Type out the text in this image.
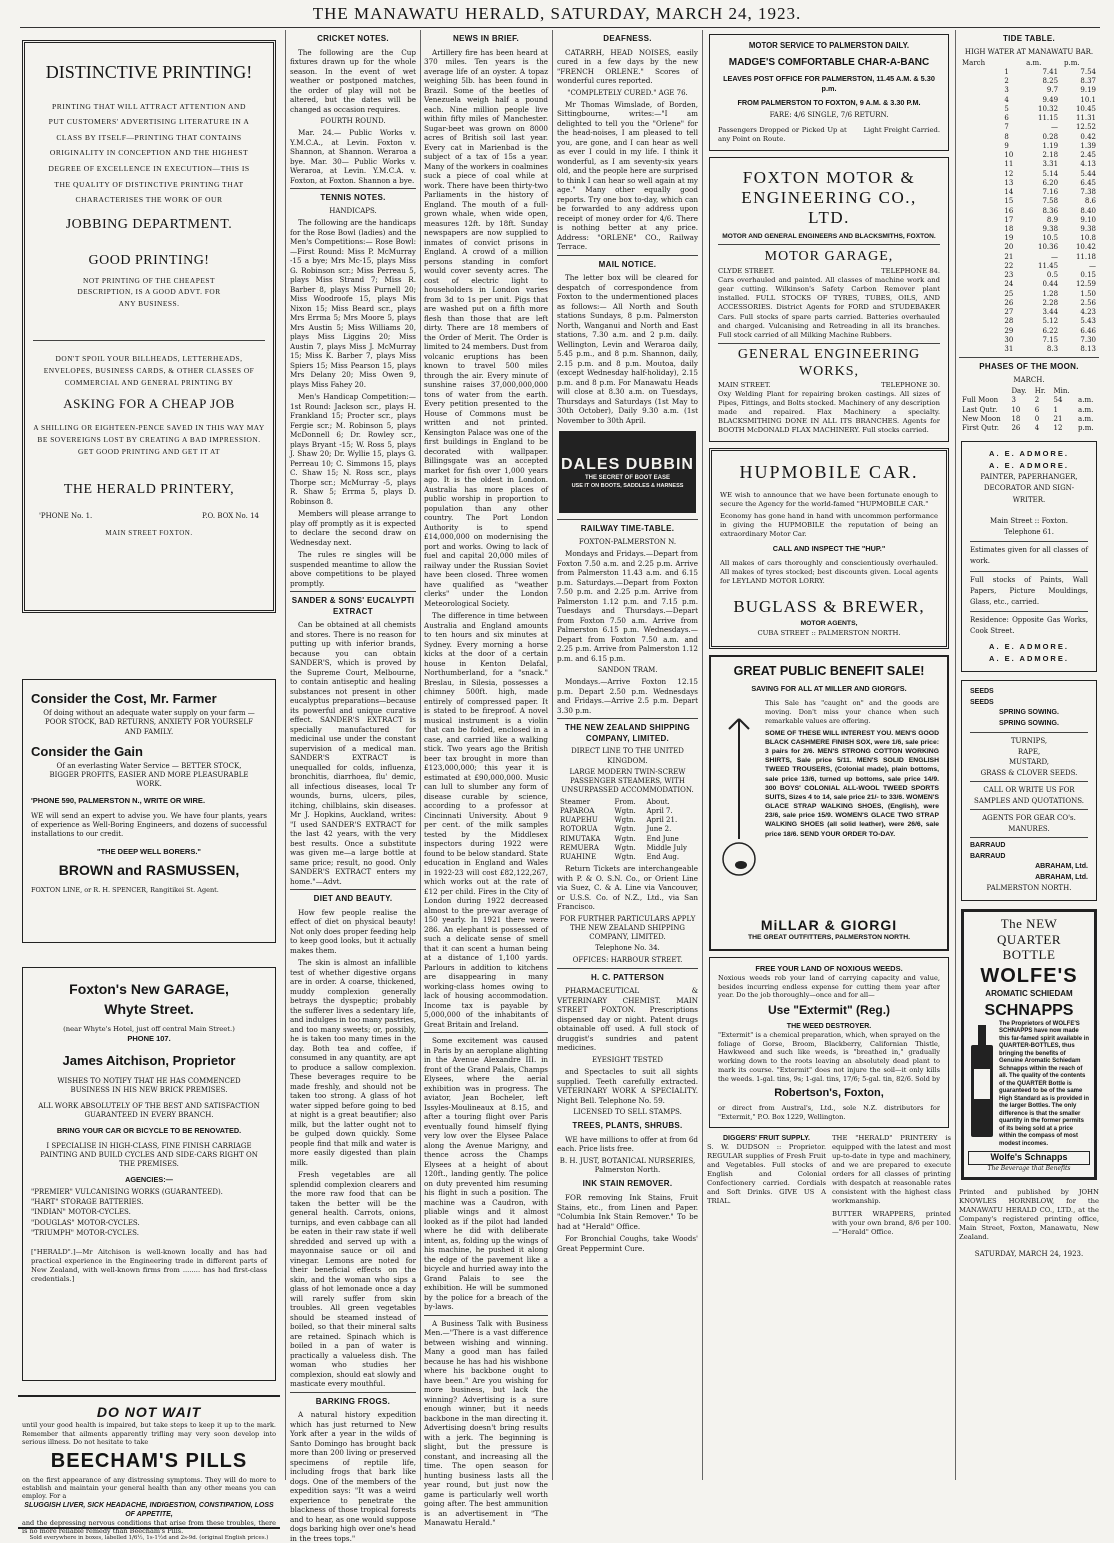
THE MANAWATU HERALD, SATURDAY, MARCH 24, 1923.
DISTINCTIVE PRINTING!
PRINTING THAT WILL ATTRACT ATTENTION AND PUT CUSTOMERS' ADVERTISING LITERATURE IN A CLASS BY ITSELF—PRINTING THAT CONTAINS ORIGINALITY IN CONCEPTION AND THE HIGHEST DEGREE OF EXCELLENCE IN EXECUTION—THIS IS THE QUALITY OF DISTINCTIVE PRINTING THAT CHARACTERISES THE WORK OF OUR
JOBBING DEPARTMENT.
GOOD PRINTING!
NOT PRINTING OF THE CHEAPEST DESCRIPTION, IS A GOOD ADVT. FOR ANY BUSINESS.
DON'T SPOIL YOUR BILLHEADS, LETTERHEADS, ENVELOPES, BUSINESS CARDS, & OTHER CLASSES OF COMMERCIAL AND GENERAL PRINTING BY
ASKING FOR A CHEAP JOB
A SHILLING OR EIGHTEEN-PENCE SAVED IN THIS WAY MAY BE SOVEREIGNS LOST BY CREATING A BAD IMPRESSION. GET GOOD PRINTING AND GET IT AT
THE HERALD PRINTERY,
'PHONE No. 1.	P.O. BOX No. 14
MAIN STREET FOXTON.
Consider the Cost, Mr. Farmer
Of doing without an adequate water supply on your farm — POOR STOCK, BAD RETURNS, ANXIETY FOR YOURSELF AND FAMILY.
Consider the Gain
Of an everlasting Water Service — BETTER STOCK, BIGGER PROFITS, EASIER AND MORE PLEASURABLE WORK.
'PHONE 590, PALMERSTON N., WRITE OR WIRE.
WE will send an expert to advise you. We have four plants, years of experience as Well-Boring Engineers, and dozens of successful installations to our credit.
"THE DEEP WELL BORERS."
BROWN and RASMUSSEN,
FOXTON LINE, or R. H. SPENCER, Rangitikei St. Agent.
Foxton's New GARAGE, Whyte Street.
(near Whyte's Hotel, just off central Main Street.)
PHONE 107.
James Aitchison, Proprietor
WISHES TO NOTIFY THAT HE HAS COMMENCED BUSINESS IN HIS NEW BRICK PREMISES.
ALL WORK ABSOLUTELY OF THE BEST AND SATISFACTION GUARANTEED IN EVERY BRANCH.
BRING YOUR CAR OR BICYCLE TO BE RENOVATED.
I SPECIALISE IN HIGH-CLASS, FINE FINISH CARRIAGE PAINTING AND BUILD CYCLES AND SIDE-CARS RIGHT ON THE PREMISES.
AGENCIES:—
"PREMIER" VULCANISING WORKS (GUARANTEED).
"HART" STORAGE BATTERIES.
"INDIAN" MOTOR-CYCLES.
"DOUGLAS" MOTOR-CYCLES.
"TRIUMPH" MOTOR-CYCLES.
["HERALD".]—Mr Aitchison is well-known locally and has had practical experience in the Engineering trade in different parts of New Zealand, with well-known firms from ........ has had first-class credentials.]
DO NOT WAIT
until your good health is impaired, but take steps to keep it up to the mark. Remember that ailments apparently trifling may very soon develop into serious illness. Do not hesitate to take
BEECHAM'S PILLS
on the first appearance of any distressing symptoms. They will do more to establish and maintain your general health than any other means you can employ. For a
SLUGGISH LIVER, SICK HEADACHE, INDIGESTION, CONSTIPATION, LOSS OF APPETITE,
and the depressing nervous conditions that arise from these troubles, there is no more reliable remedy than Beecham's Pills.
Sold everywhere in boxes, labelled 1/6½, 1s-1½d and 2s-9d. (original English prices.)
CRICKET NOTES.

The following are the Cup fixtures drawn up for the whole season. In the event of wet weather or postponed matches, the order of play will not be altered, but the dates will be changed as occasion requires.

FOURTH ROUND.

Mar. 24.— Public Works v. Y.M.C.A., at Levin. Foxton v. Shannon, at Shannon. Weraroa a bye. Mar. 30— Public Works v. Weraroa, at Levin. Y.M.C.A. v. Foxton, at Foxton. Shannon a bye.

TENNIS NOTES.
HANDICAPS.

The following are the handicaps for the Rose Bowl (ladies) and the Men's Competitions:— Rose Bowl:—First Round: Miss P. McMurray -15 a bye; Mrs Mc-15, plays Miss G. Robinson scr.; Miss Perreau 5, plays Miss Strand 7; Miss R. Barber 8, plays Miss Purnell 20; Miss Woodroofe 15, plays Mis Nixon 15; Miss Beard scr., plays Mrs Errma 5; Mrs Moore 5, plays Mrs Austin 5; Miss Williams 20, plays Miss Liggins 20; Miss Austin 7, plays Miss J. McMurray 15; Miss K. Barber 7, plays Miss Spiers 15; Miss Pearson 15, plays Mrs Delany 20; Miss Owen 9, plays Miss Fahey 20.

Men's Handicap Competition:—1st Round: Jackson scr., plays H. Frankland 15; Procter scr., plays Fergie scr.; M. Robinson 5, plays McDonnell 6; Dr. Rowley scr., plays Bryant -15; W. Ross 5, plays J. Shaw 20; Dr. Wyllie 15, plays G. Perreau 10; C. Simmons 15, plays C. Shaw 15; N. Ross scr., plays Thorpe scr.; McMurray -5, plays R. Shaw 5; Errma 5, plays D. Robinson 8.

Members will please arrange to play off promptly as it is expected to declare the second draw on Wednesday next.

The rules re singles will be suspended meantime to allow the above competitions to be played promptly.

SANDER & SONS' EUCALYPTI EXTRACT

Can be obtained at all chemists and stores. There is no reason for putting up with inferior brands, because you can obtain SANDER'S, which is proved by the Supreme Court, Melbourne, to contain antiseptic and healing substances not present in other eucalyptus preparations—because its powerful and unique curative effect. SANDER'S EXTRACT is specially manufactured for medicinal use under the constant supervision of a medical man. SANDER'S EXTRACT is unequalled for colds, influenza, bronchitis, diarrhoea, flu' demic, all infectious diseases, local Tr wounds, burns, ulcers, piles, itching, chilblains, skin diseases. Mr J. Hopkins, Auckland, writes: "I used SANDER'S EXTRACT for the last 42 years, with the very best results. Once a substitute was given me—a large bottle at same price; result, no good. Only SANDER'S EXTRACT enters my home."—Advt.

DIET AND BEAUTY.

How few people realise the effect of diet on physical beauty! Not only does proper feeding help to keep good looks, but it actually makes them.

The skin is almost an infallible test of whether digestive organs are in order. A coarse, thickened, muddy complexion generally betrays the dyspeptic; probably the sufferer lives a sedentary life, and indulges in too many pastries, and too many sweets; or, possibly, he is taken too many times in the day. Both tea and coffee, if consumed in any quantity, are apt to produce a sallow complexion. These beverages require to be made freshly, and should not be taken too strong. A glass of hot water sipped before going to bed at night is a great beautifier; also milk, but the latter ought not to be gulped down quickly. Some people find that milk and water is more easily digested than plain milk.

Fresh vegetables are all splendid complexion clearers and the more raw food that can be taken the better will be the general health. Carrots, onions, turnips, and even cabbage can all be eaten in their raw state if well shredded and served up with a mayonnaise sauce or oil and vinegar. Lemons are noted for their beneficial effects on the skin, and the woman who sips a glass of hot lemonade once a day will rarely suffer from skin troubles. All green vegetables should be steamed instead of boiled, so that their mineral salts are retained. Spinach which is boiled in a pan of water is practically a valueless dish. The woman who studies her complexion, should eat slowly and masticate every mouthful.

BARKING FROGS.

A natural history expedition which has just returned to New York after a year in the wilds of Santo Domingo has brought back more than 200 living or preserved specimens of reptile life, including frogs that bark like dogs. One of the members of the expedition says: "It was a weird experience to penetrate the blackness of those tropical forests and to hear, as one would suppose dogs barking high over one's head in the trees tops."

NEWS IN BRIEF.

Artillery fire has been heard at 370 miles. Ten years is the average life of an oyster. A topaz weighing 5lb. has been found in Brazil. Some of the beetles of Venezuela weigh half a pound each. Nine million people live within fifty miles of Manchester. Sugar-beet was grown on 8000 acres of British soil last year. Every cat in Marienbad is the subject of a tax of 15s a year. Many of the workers in coalmines suck a piece of coal while at work. There have been thirty-two Parliaments in the history of England. The mouth of a full-grown whale, when wide open, measures 12ft. by 18ft. Sunday newspapers are now supplied to inmates of convict prisons in England. A crowd of a million persons standing in comfort would cover seventy acres. The cost of electric light to householders in London varies from 3d to 1s per unit. Pigs that are washed put on a fifth more flesh than those that are left dirty. There are 18 members of the Order of Merit. The Order is limited to 24 members. Dust from volcanic eruptions has been known to travel 500 miles through the air. Every minute of sunshine raises 37,000,000,000 tons of water from the earth. Every petition presented to the House of Commons must be written and not printed. Kensington Palace was one of the first buildings in England to be decorated with wallpaper. Billingsgate was an accepted market for fish over 1,000 years ago. It is the oldest in London. Australia has more places of public worship in proportion to population than any other country. The Port London Authority is to spend £14,000,000 on modernising the port and works. Owing to lack of fuel and capital 20,000 miles of railway under the Russian Soviet have been closed. Three women have qualified as "weather clerks" under the London Meteorological Society.

The difference in time between Australia and England amounts to ten hours and six minutes at Sydney. Every morning a horse kicks at the door of a certain house in Kenton Delafal, Northumberland, for a "snack." Breslau, in Silesia, possesses a chimney 500ft. high, made entirely of compressed paper. It is stated to be fireproof. A novel musical instrument is a violin that can be folded, enclosed in a case, and carried like a walking stick. Two years ago the British beer tax brought in more than £123,000,000; this year it is estimated at £90,000,000. Music can lull to slumber any form of disease curable by science, according to a professor at Cincinnati University. About 9 per cent. of the milk samples tested by the Middlesex inspectors during 1922 were found to be below standard. State education in England and Wales in 1922-23 will cost £82,122,267, which works out at the rate of £12 per child. Fires in the City of London during 1922 decreased almost to the pre-war average of 150 yearly. In 1921 there were 286. An elephant is possessed of such a delicate sense of smell that it can scent a human being at a distance of 1,100 yards. Parlours in addition to kitchens are disappearing in many working-class homes owing to lack of housing accommodation. Income tax is payable by 5,000,000 of the inhabitants of Great Britain and Ireland.

Some excitement was caused in Paris by an aeroplane alighting in the Avenue Alexandre III. in front of the Grand Palais, Champs Elysees, where the aerial exhibition was in progress. The aviator, Jean Bocheler, left Issyles-Moulineaux at 8.15, and after a touring flight over Paris eventually found himself flying very low over the Elysee Palace along the Avenue Marigny, and thence across the Champs Elysees at a height of about 120ft., landing gently. The police on duty prevented him resuming his flight in such a position. The machine was a Caudron, with pliable wings and it almost looked as if the pilot had landed where he did with deliberate intent, as, folding up the wings of his machine, he pushed it along the edge of the pavement like a bicycle and hurried away into the Grand Palais to see the exhibition. He will be summoned by the police for a breach of the by-laws.

A Business Talk with Business Men.—"There is a vast difference between wishing and winning. Many a good man has failed because he has had his wishbone where his backbone ought to have been." Are you wishing for more business, but lack the winning? Advertising is a sure enough winner, but it needs backbone in the man directing it. Advertising doesn't bring results with a jerk. The beginning is slight, but the pressure is constant, and increasing all the time. The open season for hunting business lasts all the year round, but just now the game is particularly well worth going after. The best ammunition is an advertisement in "The Manawatu Herald."

DEAFNESS.

CATARRH, HEAD NOISES, easily cured in a few days by the new "FRENCH ORLENE." Scores of wonderful cures reported.

"COMPLETELY CURED." AGE 76.

Mr Thomas Wimslade, of Borden, Sittingbourne, writes:—"I am delighted to tell you the "Orlene" for the head-noises, I am pleased to tell you, are gone, and I can hear as well as ever I could in my life. I think it wonderful, as I am seventy-six years old, and the people here are surprised to think I can hear so well again at my age." Many other equally good reports. Try one box to-day, which can be forwarded to any address upon receipt of money order for 4/6. There is nothing better at any price. Address: "ORLENE" CO., Railway Terrace.

MAIL NOTICE.

The letter box will be cleared for despatch of correspondence from Foxton to the undermentioned places as follows:— All North and South stations Sundays, 8 p.m. Palmerston North, Wanganui and North and East stations, 7.30 a.m. and 2 p.m. daily. Wellington, Levin and Weraroa daily, 5.45 p.m., and 8 p.m. Shannon, daily, 2.15 p.m. and 8 p.m. Moutoa, daily (except Wednesday half-holiday), 2.15 p.m. and 8 p.m. For Manawatu Heads will close at 8.30 a.m. on Tuesdays, Thursdays and Saturdays (1st May to 30th October), Daily 9.30 a.m. (1st November to 30th April.

DALES DUBBIN
THE SECRET OF BOOT EASE
USE IT ON BOOTS, SADDLES & HARNESS
RAILWAY TIME-TABLE.
FOXTON-PALMERSTON N.

Mondays and Fridays.—Depart from Foxton 7.50 a.m. and 2.25 p.m. Arrive from Palmerston 11.43 a.m. and 6.15 p.m. Saturdays.—Depart from Foxton 7.50 p.m. and 2.25 p.m. Arrive from Palmerston 1.12 p.m. and 7.15 p.m. Tuesdays and Thursdays.—Depart from Foxton 7.50 a.m. Arrive from Palmerston 6.15 p.m. Wednesdays.—Depart from Foxton 7.50 a.m. and 2.25 p.m. Arrive from Palmerston 1.12 p.m. and 6.15 p.m.

SANDON TRAM.

Mondays.—Arrive Foxton 12.15 p.m. Depart 2.50 p.m. Wednesdays and Fridays.—Arrive 2.5 p.m. Depart 3.30 p.m.

THE NEW ZEALAND SHIPPING COMPANY, LIMITED.
DIRECT LINE TO THE UNITED KINGDOM.
LARGE MODERN TWIN-SCREW PASSENGER STEAMERS, WITH UNSURPASSED ACCOMMODATION.
Steamer	From.	About.
PAPAROA	Wgtn.	April 7.
RUAPEHU	Wgtn.	April 21.
ROTORUA	Wgtn.	June 2.
RIMUTAKA	Wgtn.	End June
REMUERA	Wgtn.	Middle July
RUAHINE	Wgtn.	End Aug.

Return Tickets are interchangeable with P. & O. S.N. Co., or Orient Line via Suez, C. & A. Line via Vancouver, or U.S.S. Co. of N.Z., Ltd., via San Francisco.

FOR FURTHER PARTICULARS APPLY THE NEW ZEALAND SHIPPING COMPANY, LIMITED.
Telephone No. 34.
OFFICES: HARBOUR STREET.
H. C. PATTERSON

PHARMACEUTICAL & VETERINARY CHEMIST. MAIN STREET FOXTON. Prescriptions dispensed day or night. Patent drugs obtainable off used. A full stock of druggist's sundries and patent medicines.

EYESIGHT TESTED

and Spectacles to suit all sights supplied. Teeth carefully extracted. VETERINARY WORK A SPECIALITY. Night Bell. Telephone No. 59.

LICENSED TO SELL STAMPS.
TREES, PLANTS, SHRUBS.

WE have millions to offer at from 6d each. Price lists free.

B. H. JUST, BOTANICAL NURSERIES, Palmerston North.
INK STAIN REMOVER.

FOR removing Ink Stains, Fruit Stains, etc., from Linen and Paper. "Columbia Ink Stain Remover." To be had at "Herald" Office.

For Bronchial Coughs, take Woods' Great Peppermint Cure.

MOTOR SERVICE TO PALMERSTON DAILY.
MADGE'S COMFORTABLE CHAR-A-BANC
LEAVES POST OFFICE FOR PALMERSTON, 11.45 A.M. & 5.30 p.m.
FROM PALMERSTON TO FOXTON, 9 A.M. & 3.30 P.M.
FARE: 4/6 SINGLE, 7/6 RETURN.
Passengers Dropped or Picked Up at any Point on Route.
Light Freight Carried.
FOXTON MOTOR & ENGINEERING CO., LTD.
MOTOR AND GENERAL ENGINEERS AND BLACKSMITHS, FOXTON.
MOTOR GARAGE,
CLYDE STREET.	TELEPHONE 84.
Cars overhauled and painted. All classes of machine work and gear cutting. Wilkinson's Safety Carbon Remover plant installed. FULL STOCKS OF TYRES, TUBES, OILS, AND ACCESSORIES. District Agents for FORD and STUDEBAKER Cars. Full stocks of spare parts carried. Batteries overhauled and charged. Vulcanising and Retreading in all its branches. Full stock carried of all Milking Machine Rubbers.
GENERAL ENGINEERING WORKS,
MAIN STREET.	TELEPHONE 30.
Oxy Welding Plant for repairing broken castings. All sizes of Pipes, Fittings, and Bolts stocked. Machinery of any description made and repaired. Flax Machinery a specialty. BLACKSMITHING DONE IN ALL ITS BRANCHES. Agents for BOOTH McDONALD FLAX MACHINERY. Full stocks carried.
HUPMOBILE CAR.
WE wish to announce that we have been fortunate enough to secure the Agency for the world-famed "HUPMOBILE CAR."
Economy has gone hand in hand with uncommon performance in giving the HUPMOBILE the reputation of being an extraordinary Motor Car.
CALL AND INSPECT THE "HUP."
All makes of cars thoroughly and conscientiously overhauled. All makes of tyres stocked; best discounts given. Local agents for LEYLAND MOTOR LORRY.
BUGLASS & BREWER,
MOTOR AGENTS,
CUBA STREET :: PALMERSTON NORTH.
GREAT PUBLIC BENEFIT SALE!
SAVING FOR ALL AT MILLER AND GIORGI'S.
This Sale has "caught on" and the goods are moving. Don't miss your chance when such remarkable values are offering.
SOME OF THESE WILL INTEREST YOU. MEN'S GOOD BLACK CASHMERE FINISH SOX, were 1/6, sale price: 3 pairs for 2/6. MEN'S STRONG COTTON WORKING SHIRTS, Sale price 5/11. MEN'S SOLID ENGLISH TWEED TROUSERS, (Colonial made), plain bottoms, sale price 13/6, turned up bottoms, sale price 14/9. 300 BOYS' COLONIAL ALL-WOOL TWEED SPORTS SUITS, Sizes 4 to 14, sale price 21/- to 33/6. WOMEN'S GLACE STRAP WALKING SHOES, (English), were 23/6, sale price 15/9. WOMEN'S GLACE TWO STRAP WALKING SHOES (all solid leather), were 26/6, sale price 18/6. SEND YOUR ORDER TO-DAY.
MiLLAR & GIORGI
THE GREAT OUTFITTERS, PALMERSTON NORTH.
FREE YOUR LAND OF NOXIOUS WEEDS.
Noxious weeds rob your land of carrying capacity and value, besides incurring endless expense for cutting them year after year. Do the job thoroughly—once and for all—
Use "Extermit" (Reg.)
THE WEED DESTROYER.
"Extermit" is a chemical preparation, which, when sprayed on the foliage of Gorse, Broom, Blackberry, Californian Thistle, Hawkweed and such like weeds, is "breathed in," gradually working down to the roots leaving an absolutely dead plant to mark its course. "Extermit" does not injure the soil—it only kills the weeds. 1-gal. tins, 9s; 1-gal. tins, 17/6; 5-gal. tin, 82/6. Sold by
Robertson's, Foxton,
or direct from Austral's, Ltd., sole N.Z. distributors for "Extermit," P.O. Box 1229, Wellington.
DIGGERS' FRUIT SUPPLY.
S. W. DUDSON :: Proprietor. REGULAR supplies of Fresh Fruit and Vegetables. Full stocks of English and Colonial Confectionery carried. Cordials and Soft Drinks. GIVE US A TRIAL.
THE "HERALD" PRINTERY is equipped with the latest and most up-to-date in type and machinery, and we are prepared to execute orders for all classes of printing with despatch at reasonable rates consistent with the highest class workmanship.
BUTTER WRAPPERS, printed with your own brand, 8/6 per 100. —"Herald" Office.
TIDE TABLE.
HIGH WATER AT MANAWATU BAR.
March		a.m.	p.m.
	1	7.41	7.54
	2	8.25	8.37
	3	9.7	9.19
	4	9.49	10.1
	5	10.32	10.45
	6	11.15	11.31
	7	—	12.52
	8	0.28	0.42
	9	1.19	1.39
	10	2.18	2.45
	11	3.31	4.13
	12	5.14	5.44
	13	6.20	6.45
	14	7.16	7.38
	15	7.58	8.6
	16	8.36	8.40
	17	8.9	9.10
	18	9.38	9.38
	19	10.5	10.8
	20	10.36	10.42
	21	—	11.18
	22	11.45	—
	23	0.5	0.15
	24	0.44	12.59
	25	1.28	1.50
	26	2.28	2.56
	27	3.44	4.23
	28	5.12	5.43
	29	6.22	6.46
	30	7.15	7.30
	31	8.3	8.13
PHASES OF THE MOON.
MARCH.
	Day.	Hr.	Min.	
Full Moon	3	2	54	a.m.
Last Qutr.	10	6	1	a.m.
New Moon	18	0	21	a.m.
First Qutr.	26	4	12	p.m.
A. E. ADMORE.
A. E. ADMORE.
PAINTER, PAPERHANGER, DECORATOR AND SIGN-WRITER.
Main Street :: Foxton.
Telephone 61.
Estimates given for all classes of work.
Full stocks of Paints, Wall Papers, Picture Mouldings, Glass, etc., carried.
Residence: Opposite Gas Works, Cook Street.
A. E. ADMORE.
A. E. ADMORE.
SEEDS
SEEDS
SPRING SOWING.
SPRING SOWING.
TURNIPS,
RAPE,
MUSTARD,
GRASS & CLOVER SEEDS.
CALL OR WRITE US FOR SAMPLES AND QUOTATIONS.
AGENTS FOR GEAR CO's. MANURES.
BARRAUD
BARRAUD
ABRAHAM, Ltd.
ABRAHAM, Ltd.
PALMERSTON NORTH.
The NEW QUARTER BOTTLE
WOLFE'S
AROMATIC SCHIEDAM
SCHNAPPS
The Proprietors of WOLFE'S SCHNAPPS have now made this far-famed spirit available in QUARTER-BOTTLES, thus bringing the benefits of Genuine Aromatic Schiedam Schnapps within the reach of all. The quality of the contents of the QUARTER Bottle is guaranteed to be of the same High Standard as is provided in the larger Bottles. The only difference is that the smaller quantity in the former permits of its being sold at a price within the compass of most modest incomes.
Wolfe's Schnapps
The Beverage that Benefits
Printed and published by JOHN KNOWLES HORNBLOW, for the MANAWATU HERALD CO., LTD., at the Company's registered printing office, Main Street, Foxton, Manawatu, New Zealand.
SATURDAY, MARCH 24, 1923.
